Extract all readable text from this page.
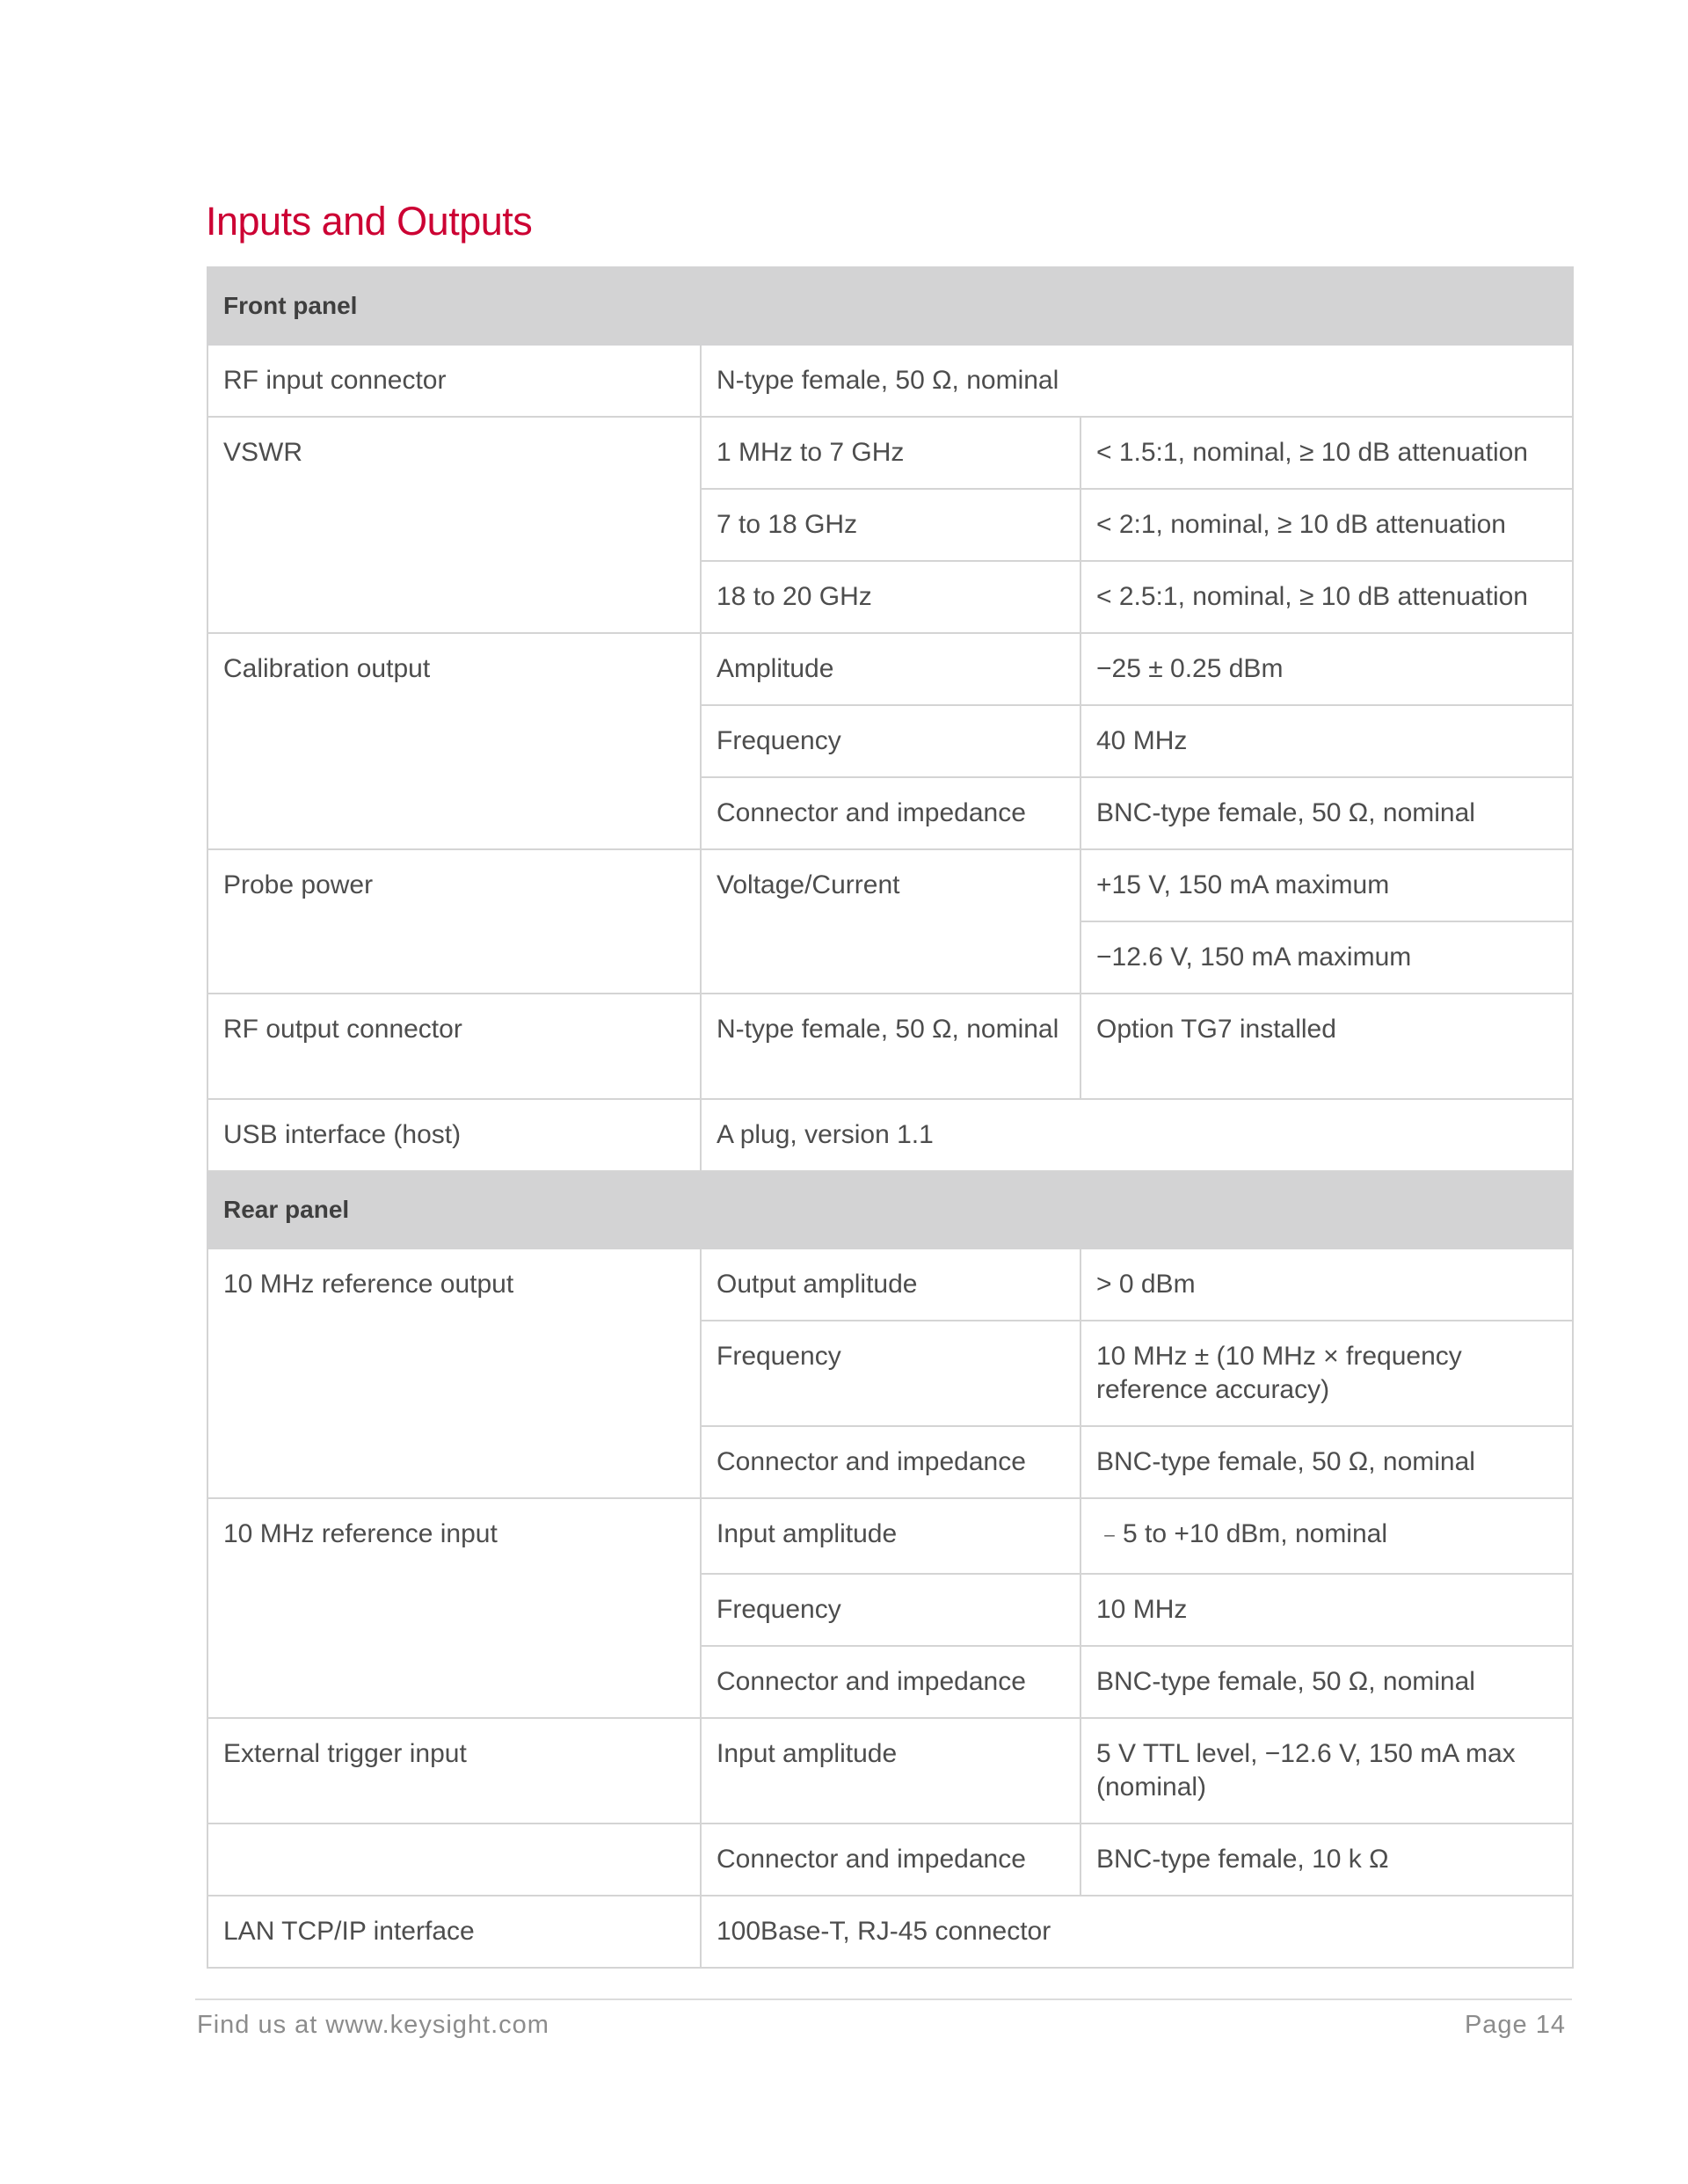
Inputs and Outputs
Front panel		
RF input connector	N-type female, 50 Ω, nominal	
VSWR	1 MHz to 7 GHz	< 1.5:1, nominal, ≥ 10 dB attenuation
	7 to 18 GHz	< 2:1, nominal, ≥ 10 dB attenuation
	18 to 20 GHz	< 2.5:1, nominal, ≥ 10 dB attenuation
Calibration output	Amplitude	−25 ± 0.25 dBm
	Frequency	40 MHz
	Connector and impedance	BNC-type female, 50 Ω, nominal
Probe power	Voltage/Current	+15 V, 150 mA maximum
		−12.6 V, 150 mA maximum
RF output connector	N-type female, 50 Ω, nominal	Option TG7 installed
USB interface (host)	A plug, version 1.1	
Rear panel		
10 MHz reference output	Output amplitude	> 0 dBm
	Frequency	10 MHz ± (10 MHz × frequency reference accuracy)
	Connector and impedance	BNC-type female, 50 Ω, nominal
10 MHz reference input	Input amplitude	﹣5 to +10 dBm, nominal
	Frequency	10 MHz
	Connector and impedance	BNC-type female, 50 Ω, nominal
External trigger input	Input amplitude	5 V TTL level, −12.6 V, 150 mA max (nominal)
	Connector and impedance	BNC-type female, 10 k Ω
LAN TCP/IP interface	100Base-T, RJ-45 connector	
Find us at www.keysight.com	Page 14
